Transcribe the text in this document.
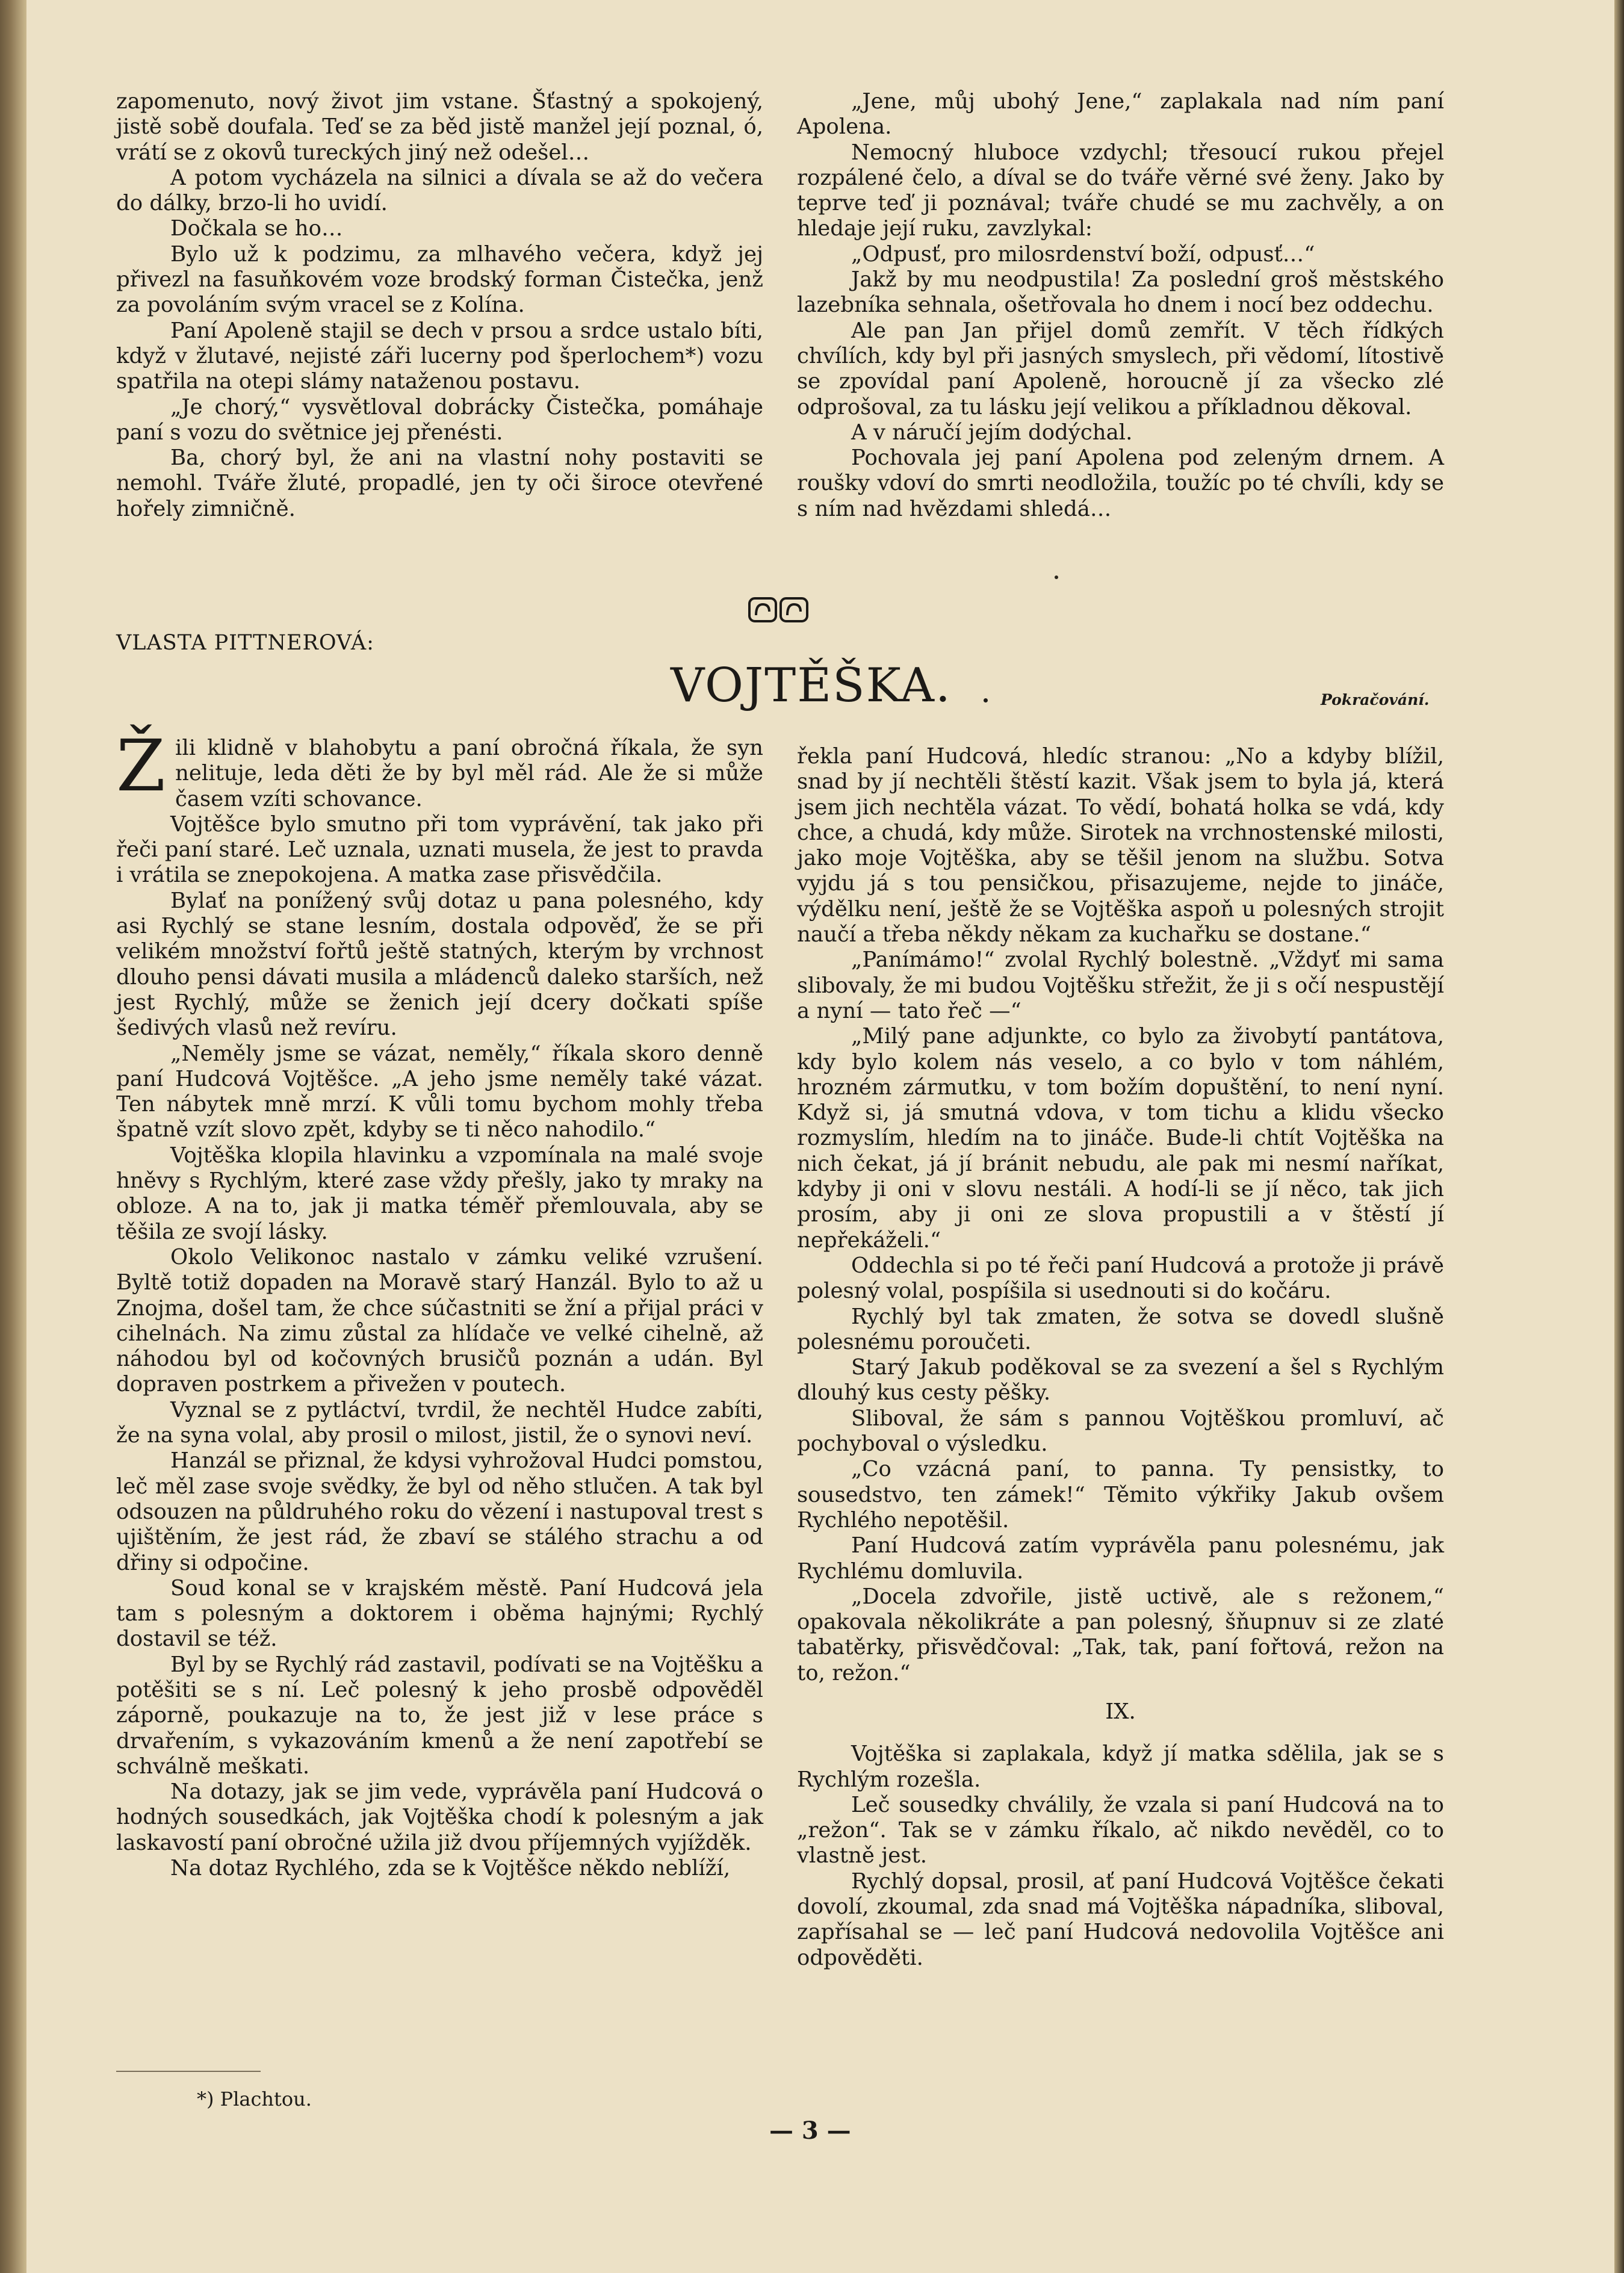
zapomenuto, nový život jim vstane. Šťastný a spokojený, jistě sobě doufala. Teď se za běd jistě manžel její poznal, ó, vrátí se z okovů tureckých jiný než odešel…

A potom vycházela na silnici a dívala se až do večera do dálky, brzo-li ho uvidí.

Dočkala se ho…

Bylo už k podzimu, za mlhavého večera, když jej přivezl na fasuňkovém voze brodský forman Čistečka, jenž za povoláním svým vracel se z Kolína.

Paní Apoleně stajil se dech v prsou a srdce ustalo bíti, když v žlutavé, nejisté záři lucerny pod šperlochem*) vozu spatřila na otepi slámy nataženou postavu.

„Je chorý,“ vysvětloval dobrácky Čistečka, pomáhaje paní s vozu do světnice jej přenésti.

Ba, chorý byl, že ani na vlastní nohy postaviti se nemohl. Tváře žluté, propadlé, jen ty oči široce otevřené hořely zimničně.

„Jene, můj ubohý Jene,“ zaplakala nad ním paní Apolena.

Nemocný hluboce vzdychl; třesoucí rukou přejel rozpálené čelo, a díval se do tváře věrné své ženy. Jako by teprve teď ji poznával; tváře chudé se mu zachvěly, a on hledaje její ruku, zavzlykal:

„Odpusť, pro milosrdenství boží, odpusť…“

Jakž by mu neodpustila! Za poslední groš městského lazebníka sehnala, ošetřovala ho dnem i nocí bez oddechu.

Ale pan Jan přijel domů zemřít. V těch řídkých chvílích, kdy byl při jasných smyslech, při vědomí, lítostivě se zpovídal paní Apoleně, horoucně jí za všecko zlé odprošoval, za tu lásku její velikou a příkladnou děkoval.

A v náručí jejím dodýchal.

Pochovala jej paní Apolena pod zeleným drnem. A roušky vdoví do smrti neodložila, toužíc po té chvíli, kdy se s ním nad hvězdami shledá…

VLASTA PITTNEROVÁ:
VOJTĚŠKA.	Pokračování.

Žili klidně v blahobytu a paní obročná říkala, že syn nelituje, leda děti že by byl měl rád. Ale že si může časem vzíti schovance.

Vojtěšce bylo smutno při tom vyprávění, tak jako při řeči paní staré. Leč uznala, uznati musela, že jest to pravda i vrátila se znepokojena. A matka zase přisvědčila.

Bylať na ponížený svůj dotaz u pana polesného, kdy asi Rychlý se stane lesním, dostala odpověď, že se při velikém množství fořtů ještě statných, kterým by vrchnost dlouho pensi dávati musila a mládenců daleko starších, než jest Rychlý, může se ženich její dcery dočkati spíše šedivých vlasů než revíru.

„Neměly jsme se vázat, neměly,“ říkala skoro denně paní Hudcová Vojtěšce. „A jeho jsme neměly také vázat. Ten nábytek mně mrzí. K vůli tomu bychom mohly třeba špatně vzít slovo zpět, kdyby se ti něco nahodilo.“

Vojtěška klopila hlavinku a vzpomínala na malé svoje hněvy s Rychlým, které zase vždy přešly, jako ty mraky na obloze. A na to, jak ji matka téměř přemlouvala, aby se těšila ze svojí lásky.

Okolo Velikonoc nastalo v zámku veliké vzrušení. Byltě totiž dopaden na Moravě starý Hanzál. Bylo to až u Znojma, došel tam, že chce súčastniti se žní a přijal práci v cihelnách. Na zimu zůstal za hlídače ve velké cihelně, až náhodou byl od kočovných brusičů poznán a udán. Byl dopraven postrkem a přivežen v poutech.

Vyznal se z pytláctví, tvrdil, že nechtěl Hudce zabíti, že na syna volal, aby prosil o milost, jistil, že o synovi neví.

Hanzál se přiznal, že kdysi vyhrožoval Hudci pomstou, leč měl zase svoje svědky, že byl od něho stlučen. A tak byl odsouzen na půldruhého roku do vězení i nastupoval trest s ujištěním, že jest rád, že zbaví se stálého strachu a od dřiny si odpočine.

Soud konal se v krajském městě. Paní Hudcová jela tam s polesným a doktorem i oběma hajnými; Rychlý dostavil se též.

Byl by se Rychlý rád zastavil, podívati se na Vojtěšku a potěšiti se s ní. Leč polesný k jeho prosbě odpověděl záporně, poukazuje na to, že jest již v lese práce s drvařením, s vykazováním kmenů a že není zapotřebí se schválně meškati.

Na dotazy, jak se jim vede, vyprávěla paní Hudcová o hodných sousedkách, jak Vojtěška chodí k polesným a jak laskavostí paní obročné užila již dvou příjemných vyjížděk.

Na dotaz Rychlého, zda se k Vojtěšce někdo neblíží,

*) Plachtou.

řekla paní Hudcová, hledíc stranou: „No a kdyby blížil, snad by jí nechtěli štěstí kazit. Však jsem to byla já, která jsem jich nechtěla vázat. To vědí, bohatá holka se vdá, kdy chce, a chudá, kdy může. Sirotek na vrchnostenské milosti, jako moje Vojtěška, aby se těšil jenom na službu. Sotva vyjdu já s tou pensičkou, přisazujeme, nejde to jináče, výdělku není, ještě že se Vojtěška aspoň u polesných strojit naučí a třeba někdy někam za kuchařku se dostane.“

„Panímámo!“ zvolal Rychlý bolestně. „Vždyť mi sama slibovaly, že mi budou Vojtěšku střežit, že ji s očí nespustějí a nyní — tato řeč —“

„Milý pane adjunkte, co bylo za živobytí pantátova, kdy bylo kolem nás veselo, a co bylo v tom náhlém, hrozném zármutku, v tom božím dopuštění, to není nyní. Když si, já smutná vdova, v tom tichu a klidu všecko rozmyslím, hledím na to jináče. Bude-li chtít Vojtěška na nich čekat, já jí bránit nebudu, ale pak mi nesmí naříkat, kdyby ji oni v slovu nestáli. A hodí-li se jí něco, tak jich prosím, aby ji oni ze slova propustili a v štěstí jí nepřekáželi.“

Oddechla si po té řeči paní Hudcová a protože ji právě polesný volal, pospíšila si usednouti si do kočáru.

Rychlý byl tak zmaten, že sotva se dovedl slušně polesnému poroučeti.

Starý Jakub poděkoval se za svezení a šel s Rychlým dlouhý kus cesty pěšky.

Sliboval, že sám s pannou Vojtěškou promluví, ač pochyboval o výsledku.

„Co vzácná paní, to panna. Ty pensistky, to sousedstvo, ten zámek!“ Těmito výkřiky Jakub ovšem Rychlého nepotěšil.

Paní Hudcová zatím vyprávěla panu polesnému, jak Rychlému domluvila.

„Docela zdvořile, jistě uctivě, ale s režonem,“ opakovala několikráte a pan polesný, šňupnuv si ze zlaté tabatěrky, přisvědčoval: „Tak, tak, paní fořtová, režon na to, režon.“

IX.

Vojtěška si zaplakala, když jí matka sdělila, jak se s Rychlým rozešla.

Leč sousedky chválily, že vzala si paní Hudcová na to „režon“. Tak se v zámku říkalo, ač nikdo nevěděl, co to vlastně jest.

Rychlý dopsal, prosil, ať paní Hudcová Vojtěšce čekati dovolí, zkoumal, zda snad má Vojtěška nápadníka, sliboval, zapřísahal se — leč paní Hudcová nedovolila Vojtěšce ani odpověděti.

— 3 —
